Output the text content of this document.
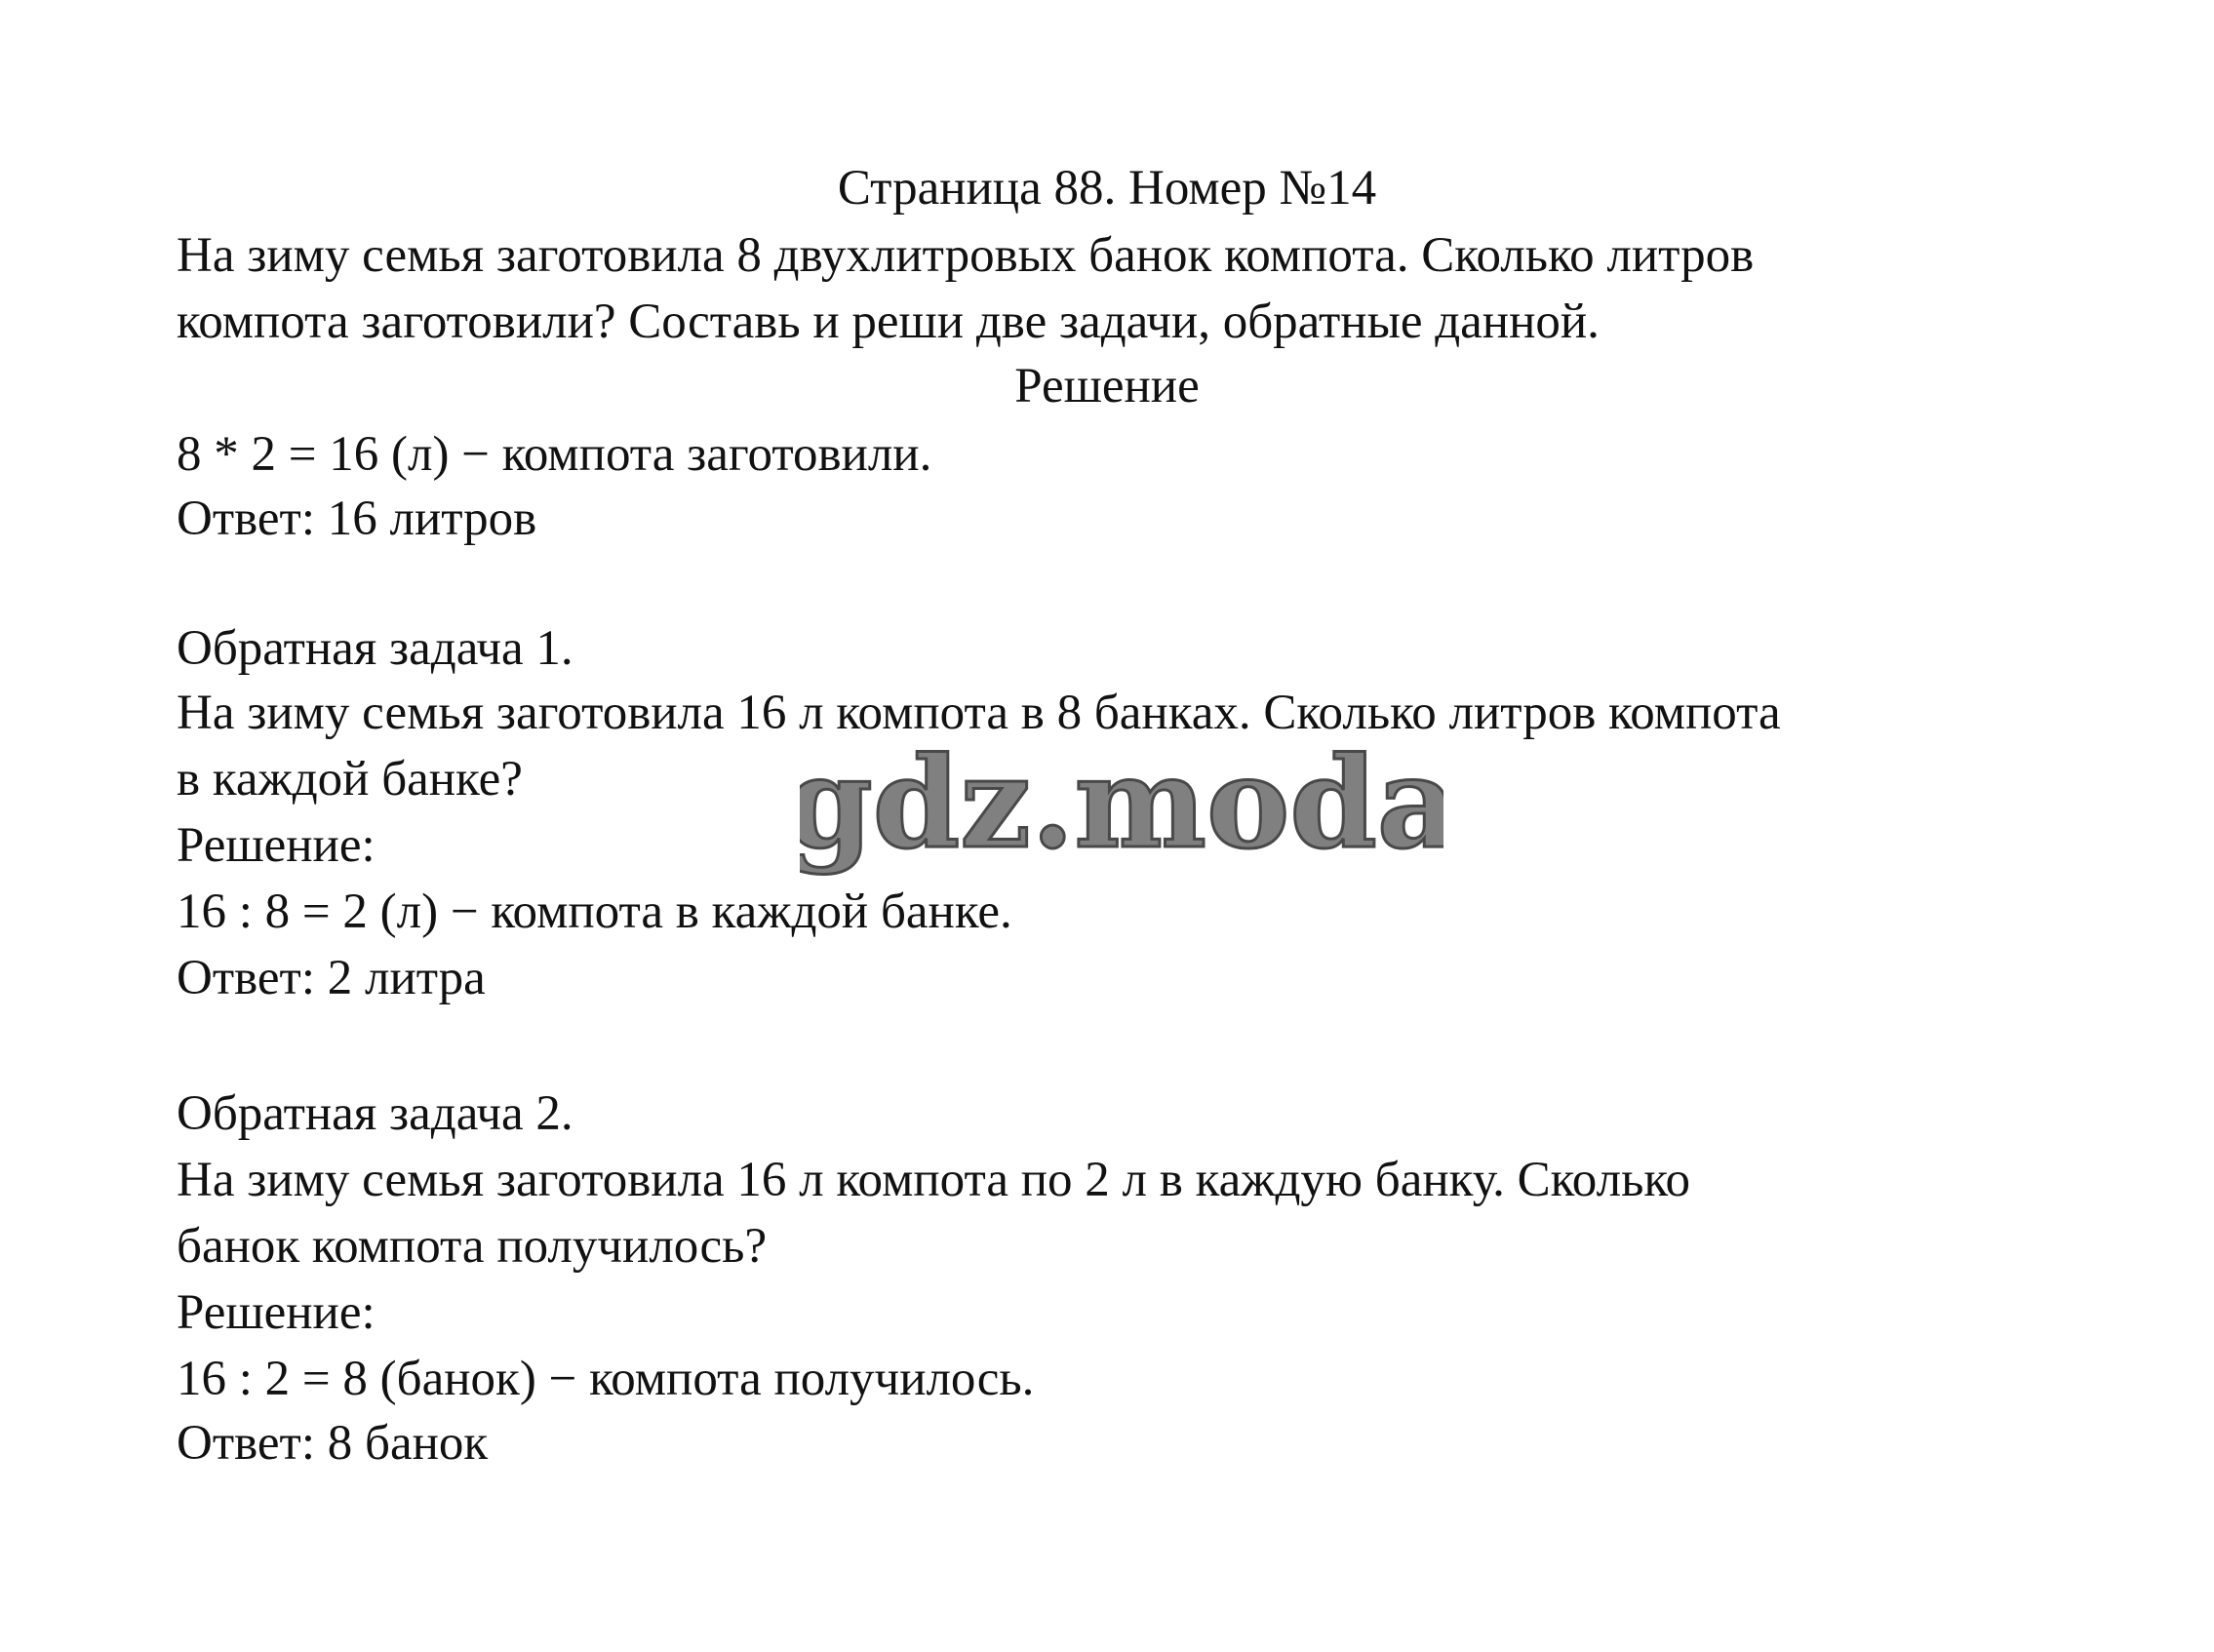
Страница 88. Номер №14
На зиму семья заготовила 8 двухлитровых банок компота. Сколько литров
компота заготовили? Составь и реши две задачи, обратные данной.
Решение
8 * 2 = 16 (л) − компота заготовили.
Ответ: 16 литров
Обратная задача 1.
На зиму семья заготовила 16 л компота в 8 банках. Сколько литров компота
в каждой банке?
Решение:
16 : 8 = 2 (л) − компота в каждой банке.
Ответ: 2 литра
Обратная задача 2.
На зиму семья заготовила 16 л компота по 2 л в каждую банку. Сколько
банок компота получилось?
Решение:
16 : 2 = 8 (банок) − компота получилось.
Ответ: 8 банок
gdz.moda
